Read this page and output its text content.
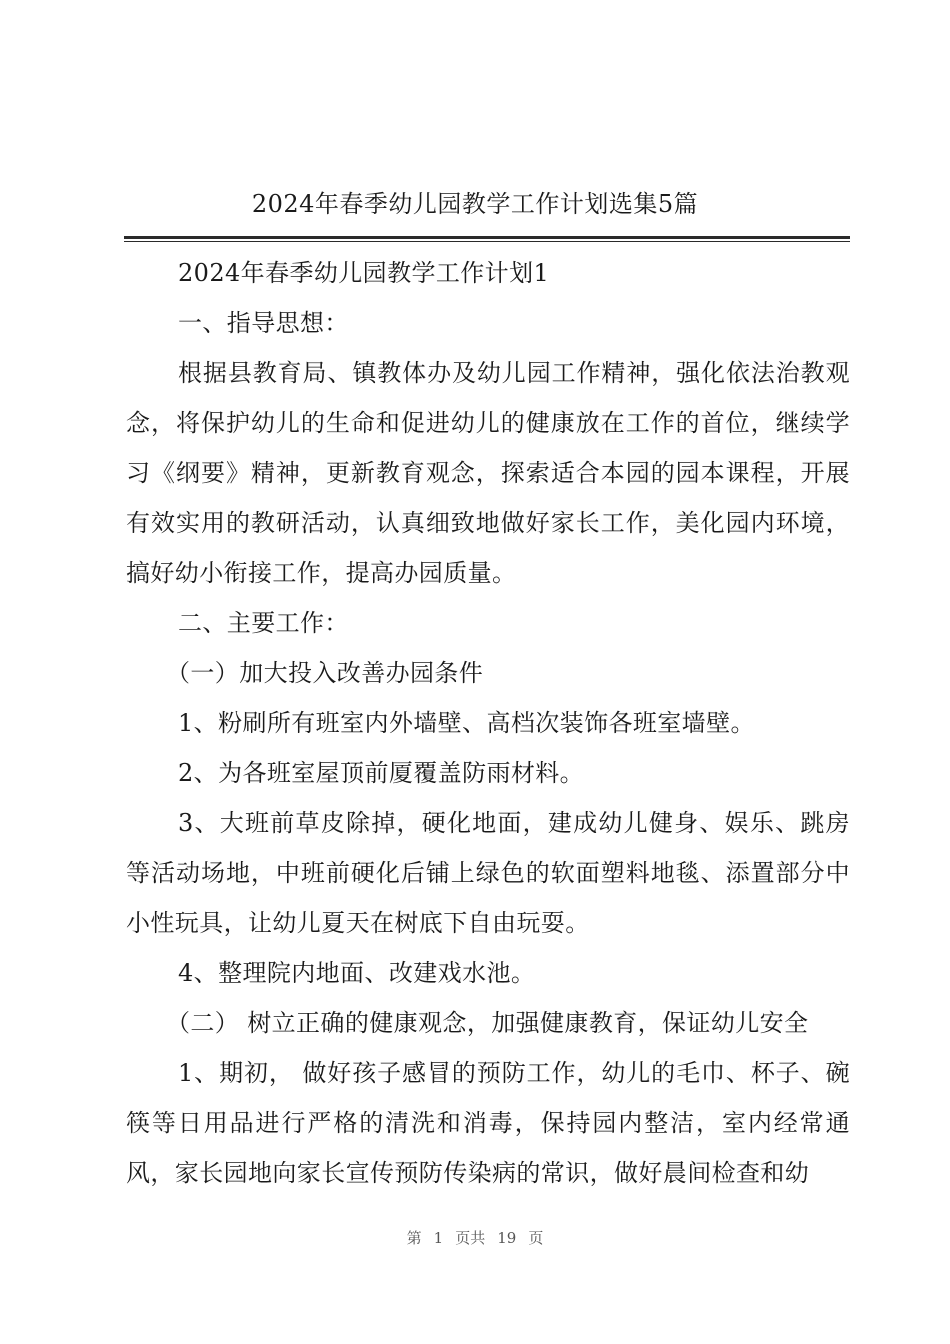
2024年春季幼儿园教学工作计划选集5篇

2024年春季幼儿园教学工作计划1

一、指导思想：

根据县教育局、镇教体办及幼儿园工作精神，强化依法治教观念，将保护幼儿的生命和促进幼儿的健康放在工作的首位，继续学习《纲要》精神，更新教育观念，探索适合本园的园本课程，开展有效实用的教研活动，认真细致地做好家长工作，美化园内环境，搞好幼小衔接工作，提高办园质量。

二、主要工作：

（一）加大投入改善办园条件

1、粉刷所有班室内外墙壁、高档次装饰各班室墙壁。

2、为各班室屋顶前厦覆盖防雨材料。

3、大班前草皮除掉，硬化地面，建成幼儿健身、娱乐、跳房等活动场地，中班前硬化后铺上绿色的软面塑料地毯、添置部分中小性玩具，让幼儿夏天在树底下自由玩耍。

4、整理院内地面、改建戏水池。

（二） 树立正确的健康观念，加强健康教育，保证幼儿安全

1、期初， 做好孩子感冒的预防工作，幼儿的毛巾、杯子、碗筷等日用品进行严格的清洗和消毒，保持园内整洁，室内经常通风，家长园地向家长宣传预防传染病的常识，做好晨间检查和幼

第 1 页共 19 页
